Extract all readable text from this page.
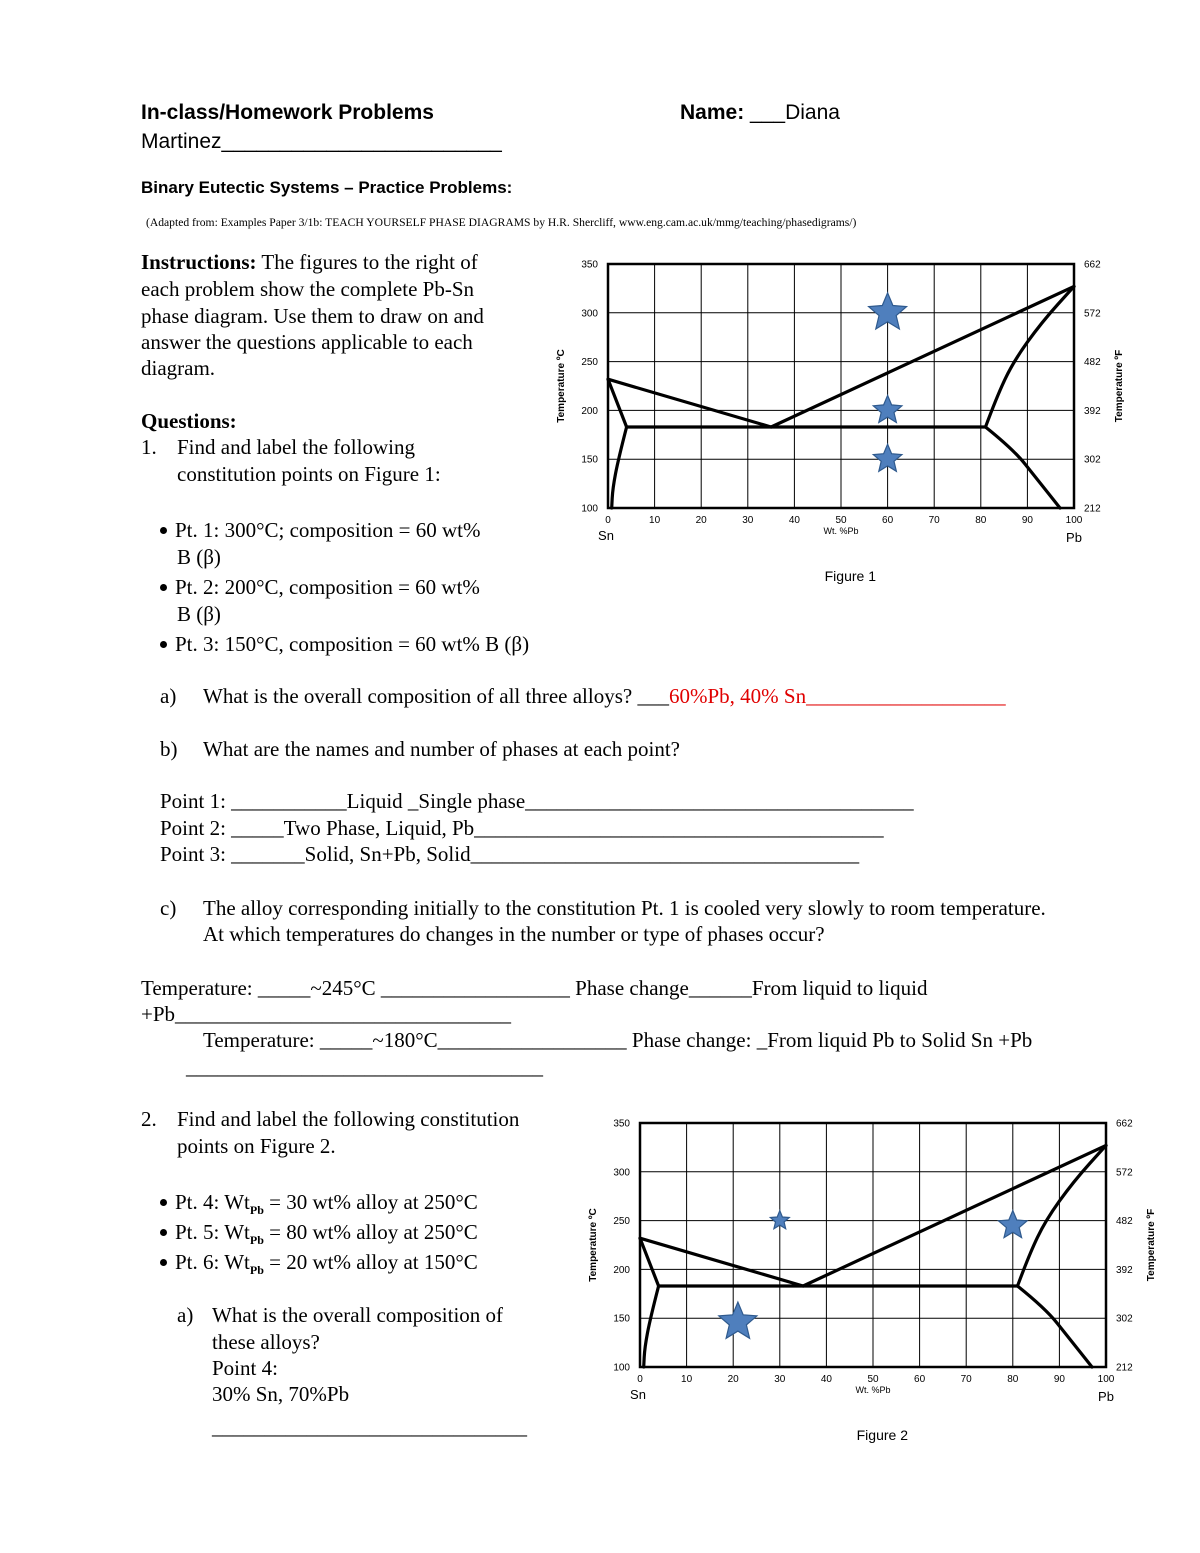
In-class/Homework Problems	Name: ___Diana
Martinez________________________
Binary Eutectic Systems – Practice Problems:
(Adapted from: Examples Paper 3/1b: TEACH YOURSELF PHASE DIAGRAMS by H.R. Shercliff, www.eng.cam.ac.uk/mmg/teaching/phasedigrams/)
Instructions: The figures to the right of
each problem show the complete Pb-Sn
phase diagram. Use them to draw on and
answer the questions applicable to each
diagram.
Questions:
1. Find and label the following
constitution points on Figure 1:
Pt. 1: 300°C; composition = 60 wt%
B (β)
Pt. 2: 200°C, composition = 60 wt%
B (β)
Pt. 3: 150°C, composition = 60 wt% B (β)
a) What is the overall composition of all three alloys? ___60%Pb, 40% Sn___________________
b) What are the names and number of phases at each point?
Point 1: ___________Liquid _Single phase_____________________________________
Point 2: _____Two Phase, Liquid, Pb_______________________________________
Point 3: _______Solid, Sn+Pb, Solid_____________________________________
c) The alloy corresponding initially to the constitution Pt. 1 is cooled very slowly to room temperature.
At which temperatures do changes in the number or type of phases occur?
Temperature: _____~245°C __________________ Phase change______From liquid to liquid
+Pb________________________________
Temperature: _____~180°C__________________ Phase change: _From liquid Pb to Solid Sn +Pb
__________________________________
2. Find and label the following constitution
points on Figure 2.
Pt. 4: $Wt_{Pb} = 30$ wt% alloy at 250°C
Pt. 5: $Wt_{Pb} = 80$ wt% alloy at 250°C
Pt. 6: $Wt_{Pb} = 20$ wt% alloy at 150°C
a) What is the overall composition of
these alloys?
Point 4:
30% Sn, 70%Pb
______________________________
0	10	20	30	40	50	60	70	80	90	100
100
150
200
250
300
350
212
302
392
482
572
662
Sn	Pb
Wt. %Pb
Temperature ºC	Temperature ºF
Figure 1
0	10	20	30	40	50	60	70	80	90	100
100
150
200
250
300
350
212
302
392
482
572
662
Sn	Pb
Wt. %Pb
Temperature ºC	Temperature ºF
Figure 2
